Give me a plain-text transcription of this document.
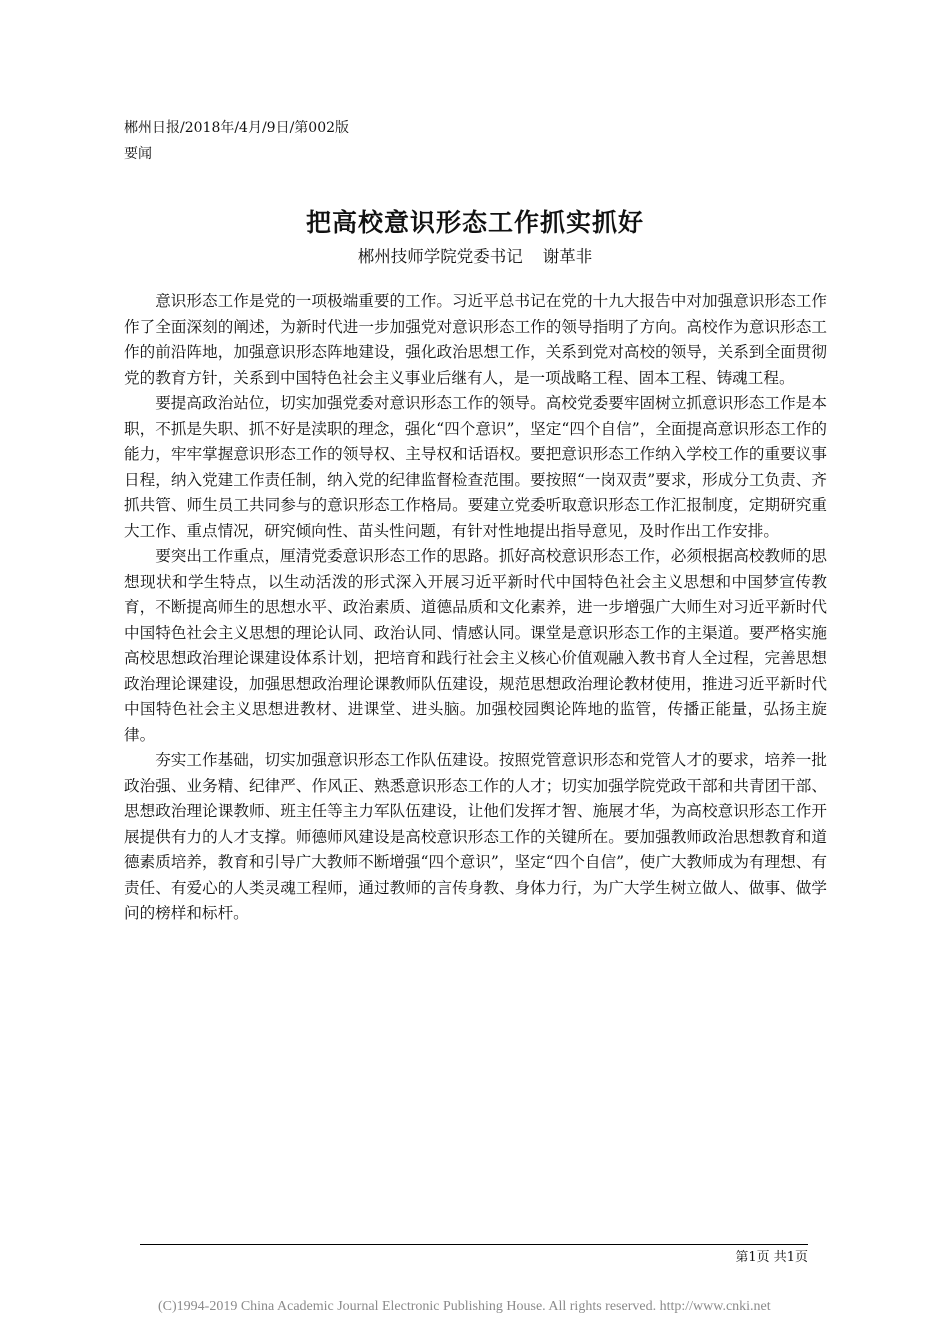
郴州日报/2018年/4月/9日/第002版
要闻
把高校意识形态工作抓实抓好
郴州技师学院党委书记 谢革非

意识形态工作是党的一项极端重要的工作。习近平总书记在党的十九大报告中对加强意识形态工作作了全面深刻的阐述，为新时代进一步加强党对意识形态工作的领导指明了方向。高校作为意识形态工作的前沿阵地，加强意识形态阵地建设，强化政治思想工作，关系到党对高校的领导，关系到全面贯彻党的教育方针，关系到中国特色社会主义事业后继有人，是一项战略工程、固本工程、铸魂工程。

要提高政治站位，切实加强党委对意识形态工作的领导。高校党委要牢固树立抓意识形态工作是本职，不抓是失职、抓不好是渎职的理念，强化“四个意识”，坚定“四个自信”，全面提高意识形态工作的能力，牢牢掌握意识形态工作的领导权、主导权和话语权。要把意识形态工作纳入学校工作的重要议事日程，纳入党建工作责任制，纳入党的纪律监督检查范围。要按照“一岗双责”要求，形成分工负责、齐抓共管、师生员工共同参与的意识形态工作格局。要建立党委听取意识形态工作汇报制度，定期研究重大工作、重点情况，研究倾向性、苗头性问题，有针对性地提出指导意见，及时作出工作安排。

要突出工作重点，厘清党委意识形态工作的思路。抓好高校意识形态工作，必须根据高校教师的思想现状和学生特点，以生动活泼的形式深入开展习近平新时代中国特色社会主义思想和中国梦宣传教育，不断提高师生的思想水平、政治素质、道德品质和文化素养，进一步增强广大师生对习近平新时代中国特色社会主义思想的理论认同、政治认同、情感认同。课堂是意识形态工作的主渠道。要严格实施高校思想政治理论课建设体系计划，把培育和践行社会主义核心价值观融入教书育人全过程，完善思想政治理论课建设，加强思想政治理论课教师队伍建设，规范思想政治理论教材使用，推进习近平新时代中国特色社会主义思想进教材、进课堂、进头脑。加强校园舆论阵地的监管，传播正能量，弘扬主旋律。

夯实工作基础，切实加强意识形态工作队伍建设。按照党管意识形态和党管人才的要求，培养一批政治强、业务精、纪律严、作风正、熟悉意识形态工作的人才；切实加强学院党政干部和共青团干部、思想政治理论课教师、班主任等主力军队伍建设，让他们发挥才智、施展才华，为高校意识形态工作开展提供有力的人才支撑。师德师风建设是高校意识形态工作的关键所在。要加强教师政治思想教育和道德素质培养，教育和引导广大教师不断增强“四个意识”，坚定“四个自信”，使广大教师成为有理想、有责任、有爱心的人类灵魂工程师，通过教师的言传身教、身体力行，为广大学生树立做人、做事、做学问的榜样和标杆。

第1页 共1页
(C)1994-2019 China Academic Journal Electronic Publishing House. All rights reserved. http://www.cnki.net
